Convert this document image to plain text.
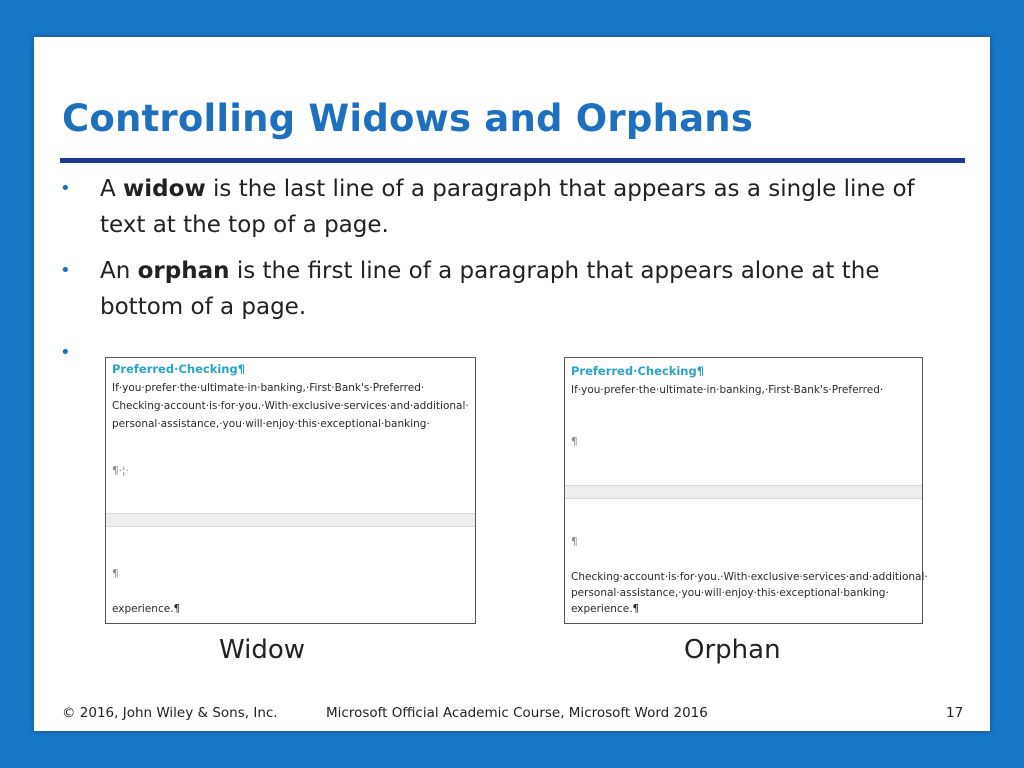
Controlling Widows and Orphans
• A widow is the last line of a paragraph that appears as a single line of text at the top of a page.
• An orphan is the first line of a paragraph that appears alone at the bottom of a page.
•
Preferred·Checking¶
If·you·prefer·the·ultimate·in·banking,·First·Bank's·Preferred·
Checking·account·is·for·you.·With·exclusive·services·and·additional·
personal·assistance,·you·will·enjoy·this·exceptional·banking·
¶·¦·
¶
experience.¶
Widow
Preferred·Checking¶
If·you·prefer·the·ultimate·in·banking,·First·Bank's·Preferred·
¶
¶
Checking·account·is·for·you.·With·exclusive·services·and·additional·
personal·assistance,·you·will·enjoy·this·exceptional·banking·
experience.¶
Orphan
© 2016, John Wiley & Sons, Inc.	Microsoft Official Academic Course, Microsoft Word 2016	17
